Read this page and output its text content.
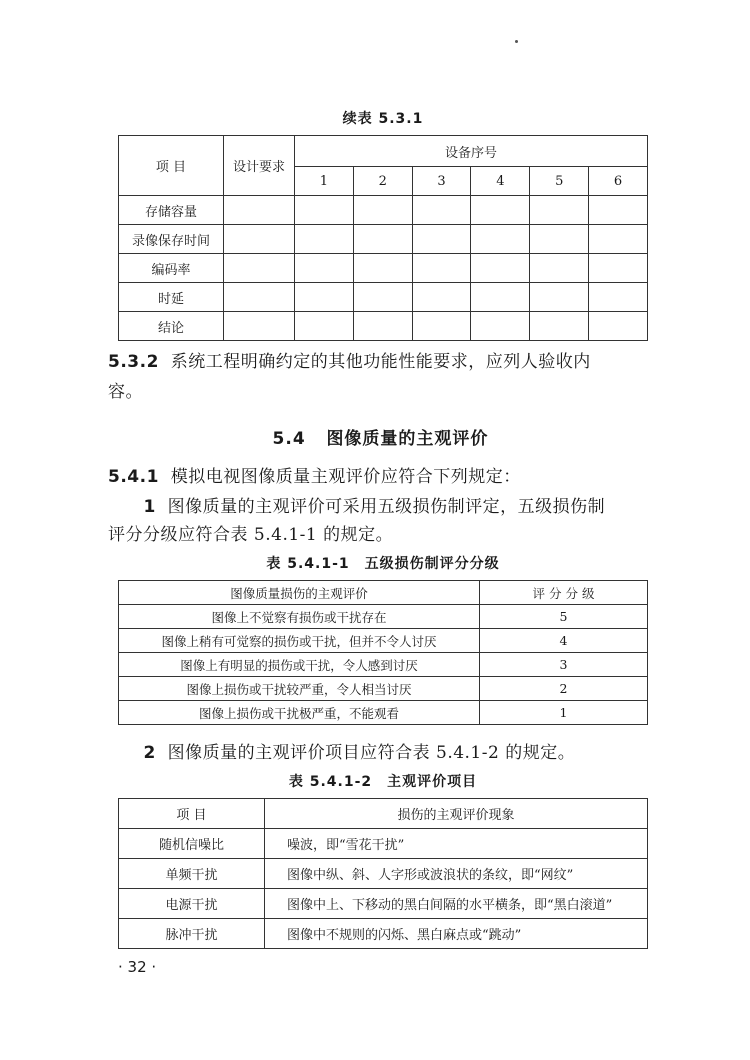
续表 5.3.1
项 目	设计要求	设备序号					
		1	2	3	4	5	6
存储容量							
录像保存时间							
编码率							
时延							
结论							
5.3.2 系统工程明确约定的其他功能性能要求，应列人验收内
容。
5.4 图像质量的主观评价
5.4.1 模拟电视图像质量主观评价应符合下列规定：
1 图像质量的主观评价可采用五级损伤制评定，五级损伤制
评分分级应符合表 5.4.1-1 的规定。
表 5.4.1-1　五级损伤制评分分级
图像质量损伤的主观评价	评 分 分 级
图像上不觉察有损伤或干扰存在	5
图像上稍有可觉察的损伤或干扰，但并不令人讨厌	4
图像上有明显的损伤或干扰，令人感到讨厌	3
图像上损伤或干扰较严重，令人相当讨厌	2
图像上损伤或干扰极严重，不能观看	1
2 图像质量的主观评价项目应符合表 5.4.1-2 的规定。
表 5.4.1-2　主观评价项目
项 目	损伤的主观评价现象
随机信噪比	噪波，即“雪花干扰”
单频干扰	图像中纵、斜、人字形或波浪状的条纹，即“网纹”
电源干扰	图像中上、下移动的黑白间隔的水平横条，即“黑白滚道”
脉冲干扰	图像中不规则的闪烁、黑白麻点或“跳动”
· 32 ·
